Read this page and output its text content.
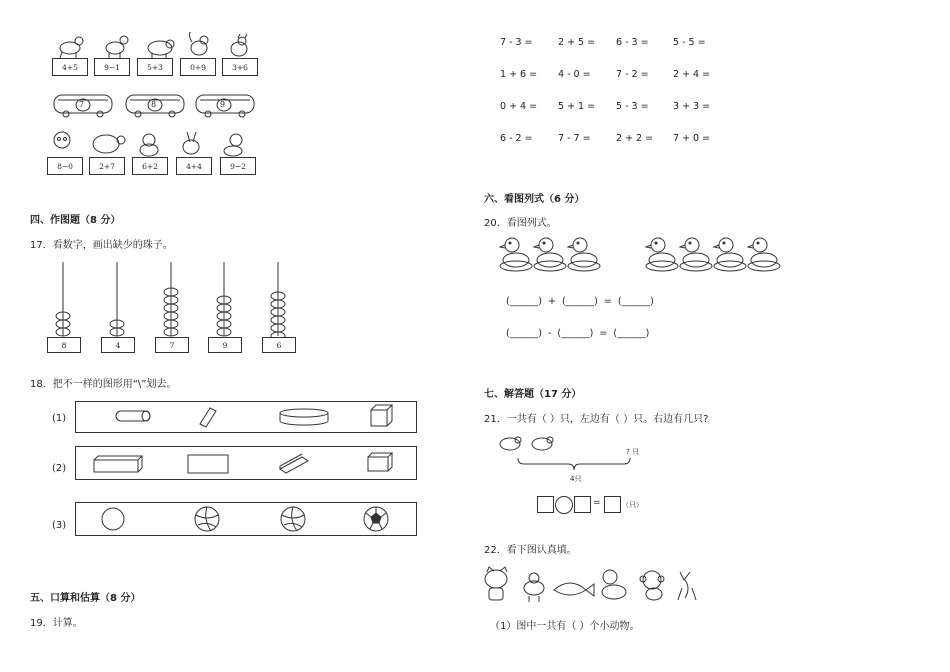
4+5	9−1	5+3	0+9	3+6
7	8	9
8−0	2+7	6+2	4+4	9−2
四、作图题（8 分）
17．看数字，画出缺少的珠子。
8	4	7	9	6
18．把不一样的图形用“\”划去。
(1)
(2)
(3)
五、口算和估算（8 分）
19．计算。
7 - 3 =	2 + 5 = 6 - 3 =	5 - 5 =
1 + 6 = 4 - 0 =	7 - 2 =	2 + 4 =
0 + 4 = 5 + 1 = 5 - 3 =	3 + 3 =
6 - 2 =	7 - 7 =	2 + 2 = 7 + 0 =
六、看图列式（6 分）
20．看图列式。
(______)  +  (______)  =  (______)
(______)  -  (______)  =  (______)
七、解答题（17 分）
21．一共有（ ）只，左边有（ ）只。右边有几只?
? 只
4只
=	（只）
22．看下图认真填。
（1）图中一共有（ ）个小动物。
